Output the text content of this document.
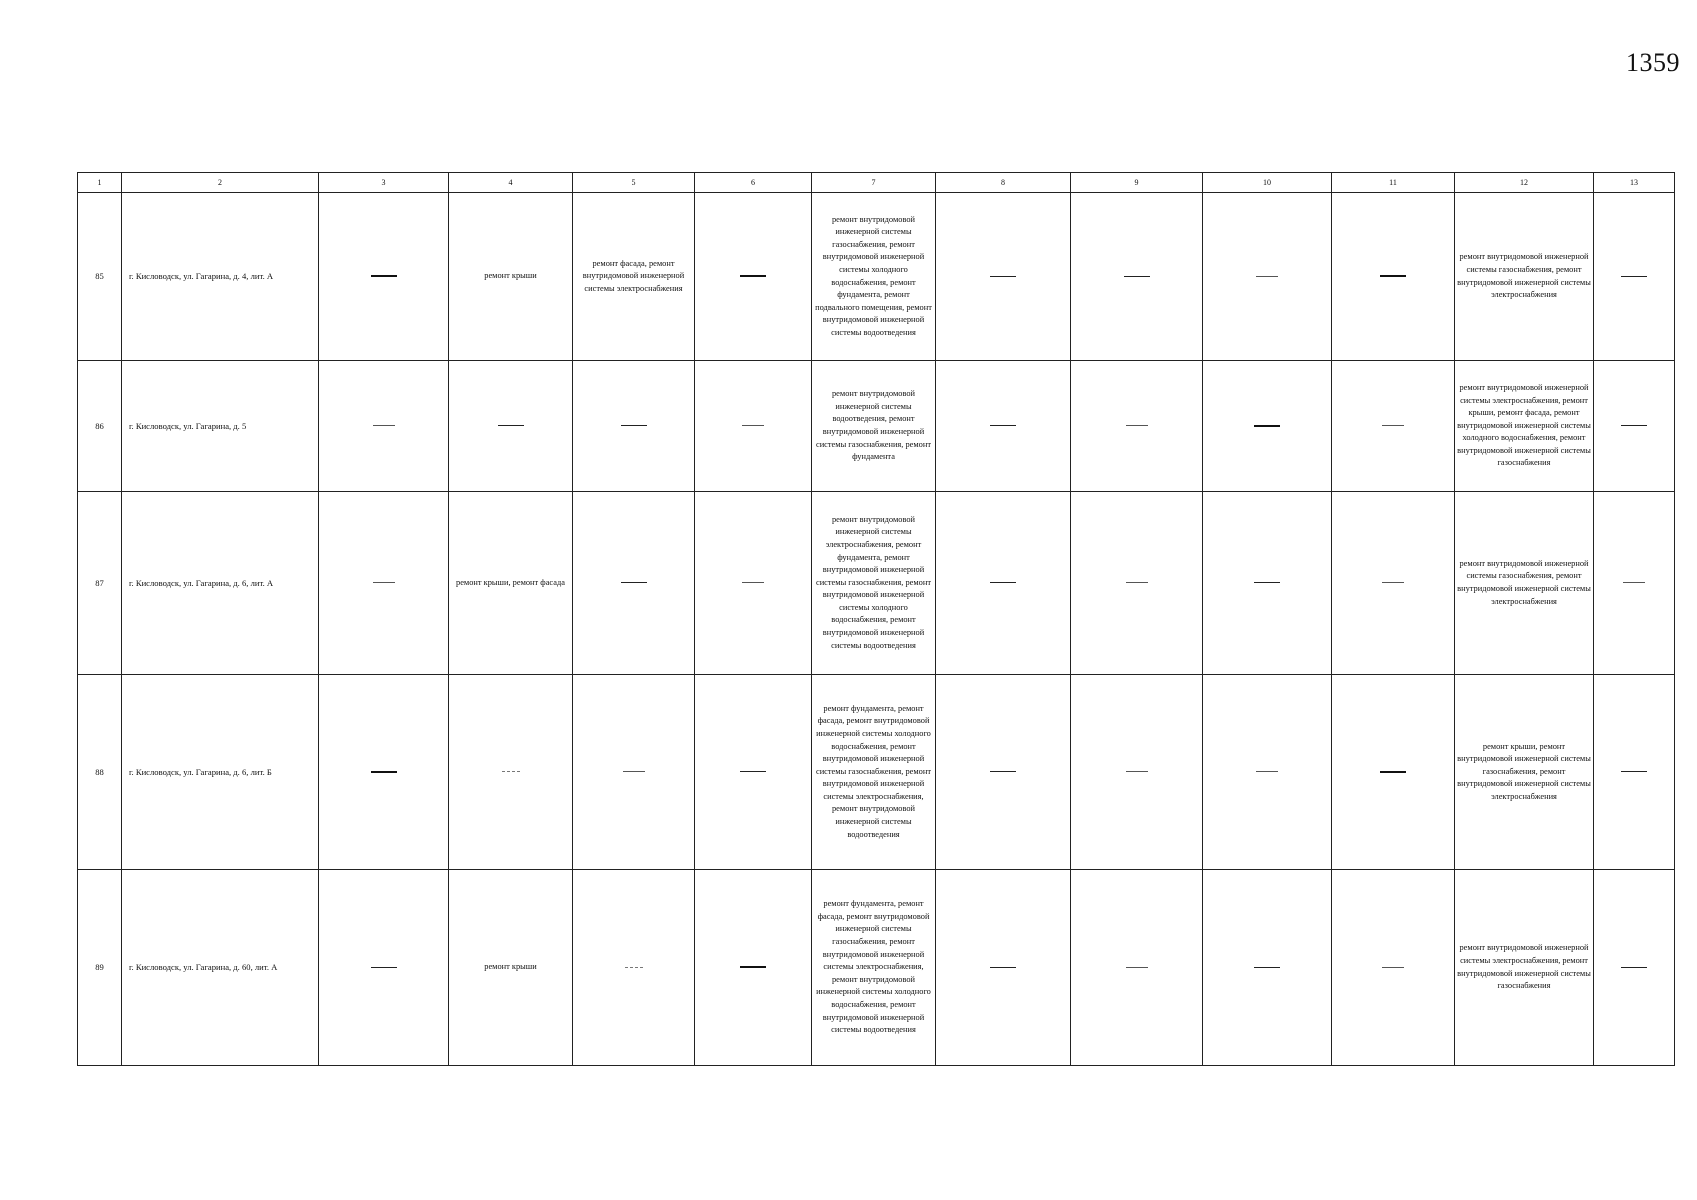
1359
1	2	3	4	5	6	7	8	9	10	11	12	13
85	г. Кисловодск, ул. Гагарина, д. 4, лит. А		ремонт крыши	ремонт фасада, ремонт внутридомовой инженерной системы электроснабжения		ремонт внутридомовой инженерной системы газоснабжения, ремонт внутридомовой инженерной системы холодного водоснабжения, ремонт фундамента, ремонт подвального помещения, ремонт внутридомовой инженерной системы водоотведения					ремонт внутридомовой инженерной системы газоснабжения, ремонт внутридомовой инженерной системы электроснабжения	
86	г. Кисловодск, ул. Гагарина, д. 5					ремонт внутридомовой инженерной системы водоотведения, ремонт внутридомовой инженерной системы газоснабжения, ремонт фундамента					ремонт внутридомовой инженерной системы электроснабжения, ремонт крыши, ремонт фасада, ремонт внутридомовой инженерной системы холодного водоснабжения, ремонт внутридомовой инженерной системы газоснабжения	
87	г. Кисловодск, ул. Гагарина, д. 6, лит. А		ремонт крыши, ремонт фасада			ремонт внутридомовой инженерной системы электроснабжения, ремонт фундамента, ремонт внутридомовой инженерной системы газоснабжения, ремонт внутридомовой инженерной системы холодного водоснабжения, ремонт внутридомовой инженерной системы водоотведения					ремонт внутридомовой инженерной системы газоснабжения, ремонт внутридомовой инженерной системы электроснабжения	
88	г. Кисловодск, ул. Гагарина, д. 6, лит. Б					ремонт фундамента, ремонт фасада, ремонт внутридомовой инженерной системы холодного водоснабжения, ремонт внутридомовой инженерной системы газоснабжения, ремонт внутридомовой инженерной системы электроснабжения, ремонт внутридомовой инженерной системы водоотведения					ремонт крыши, ремонт внутридомовой инженерной системы газоснабжения, ремонт внутридомовой инженерной системы электроснабжения	
89	г. Кисловодск, ул. Гагарина, д. 60, лит. А		ремонт крыши			ремонт фундамента, ремонт фасада, ремонт внутридомовой инженерной системы газоснабжения, ремонт внутридомовой инженерной системы электроснабжения, ремонт внутридомовой инженерной системы холодного водоснабжения, ремонт внутридомовой инженерной системы водоотведения					ремонт внутридомовой инженерной системы электроснабжения, ремонт внутридомовой инженерной системы газоснабжения	
